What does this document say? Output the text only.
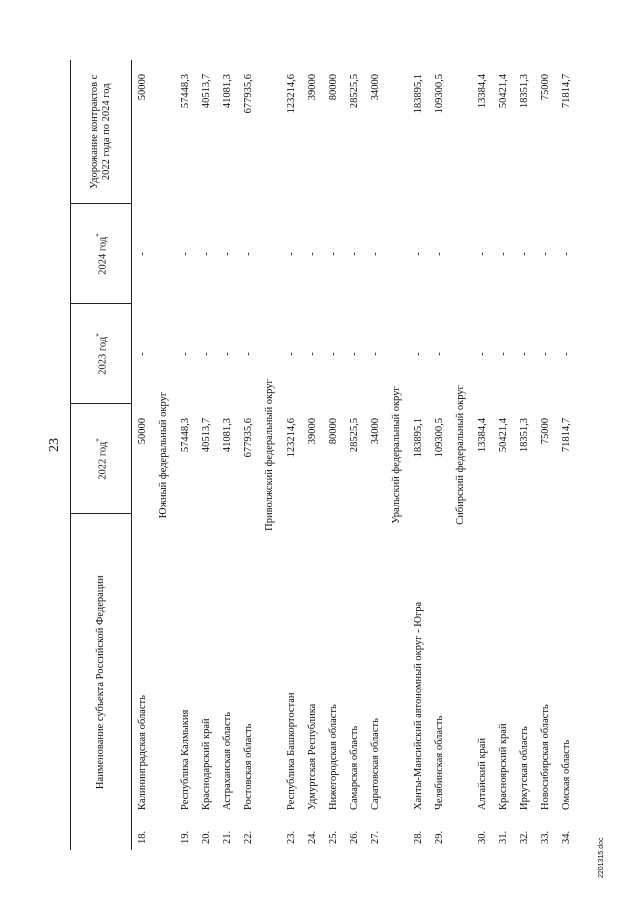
23
Наименование субъекта Российской Федерации		2022 год*	2023 год*	2024 год*	Удорожание контрактов с 2022 года по 2024 год
18.	Калининградская область	50000	-	-	50000
Южный федеральный округ					
19.	Республика Калмыкия	57448,3	-	-	57448,3
20.	Краснодарский край	40513,7	-	-	40513,7
21.	Астраханская область	41081,3	-	-	41081,3
22.	Ростовская область	677935,6	-	-	677935,6
Приволжский федеральный округ					
23.	Республика Башкортостан	123214,6	-	-	123214,6
24.	Удмуртская Республика	39000	-	-	39000
25.	Нижегородская область	80000	-	-	80000
26.	Самарская область	28525,5	-	-	28525,5
27.	Саратовская область	34000	-	-	34000
Уральский федеральный округ					
28.	Ханты-Мансийский автономный округ - Югра	183895,1	-	-	183895,1
29.	Челябинская область	109300,5	-	-	109300,5
Сибирский федеральный округ					
30.	Алтайский край	13384,4	-	-	13384,4
31.	Красноярский край	50421,4	-	-	50421,4
32.	Иркутская область	18351,3	-	-	18351,3
33.	Новосибирская область	75000	-	-	75000
34.	Омская область	71814,7	-	-	71814,7
2201315.doc
